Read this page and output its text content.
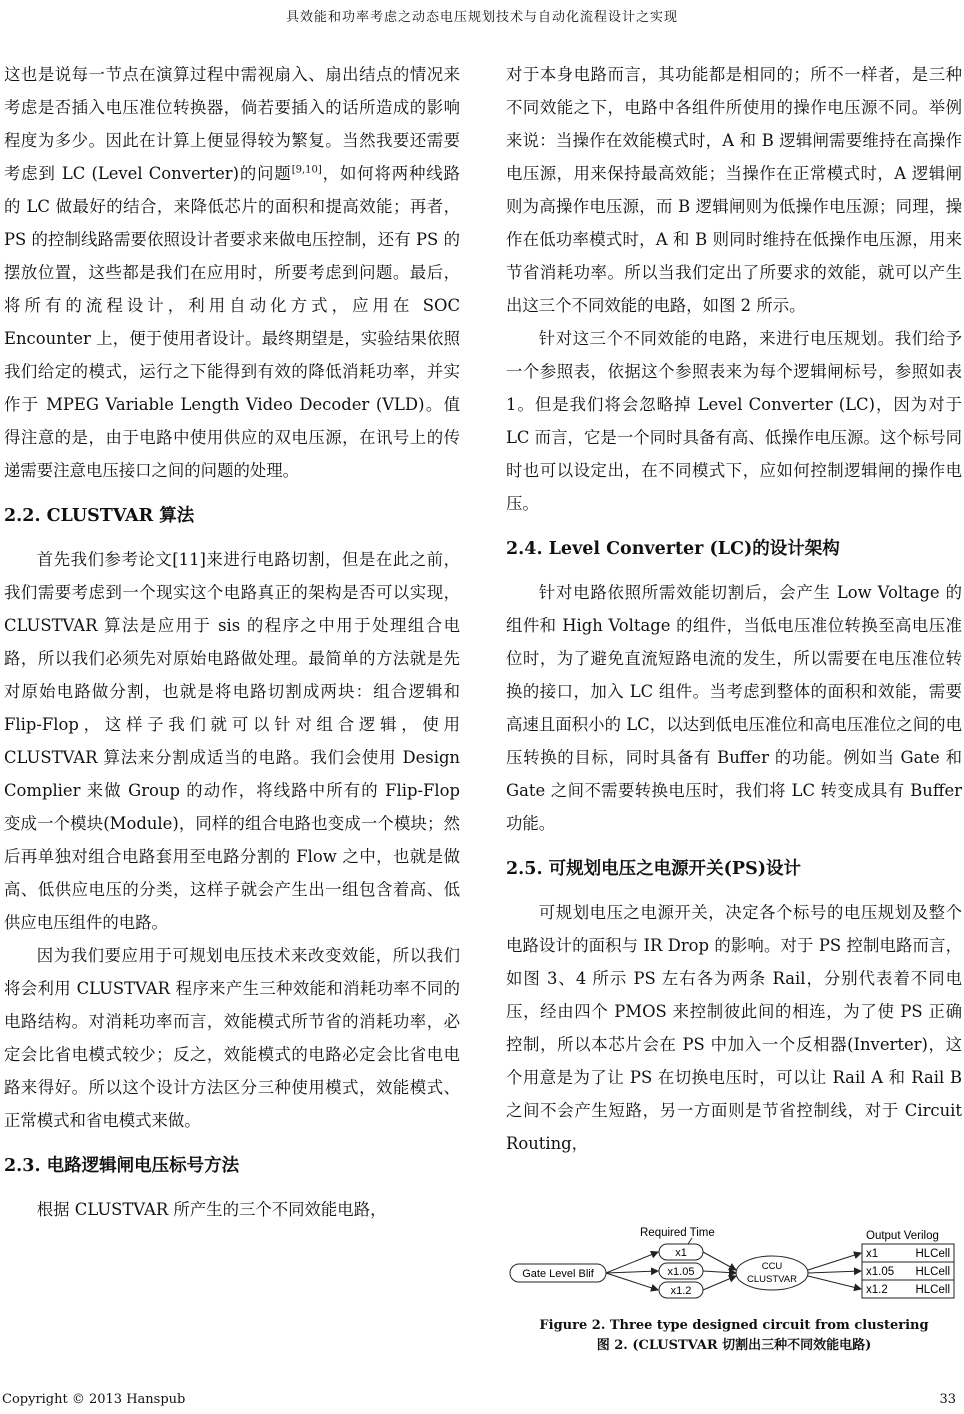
具效能和功率考虑之动态电压规划技术与自动化流程设计之实现

这也是说每一节点在演算过程中需视扇入、扇出结点的情况来考虑是否插入电压准位转换器，倘若要插入的话所造成的影响程度为多少。因此在计算上便显得较为繁复。当然我要还需要考虑到 LC (Level Converter)的问题[9,10]，如何将两种线路的 LC 做最好的结合，来降低芯片的面积和提高效能；再者，PS 的控制线路需要依照设计者要求来做电压控制，还有 PS 的摆放位置，这些都是我们在应用时，所要考虑到问题。最后，将所有的流程设计，利用自动化方式，应用在 SOC Encounter 上，便于使用者设计。最终期望是，实验结果依照我们给定的模式，运行之下能得到有效的降低消耗功率，并实作于 MPEG Variable Length Video Decoder (VLD)。值得注意的是，由于电路中使用供应的双电压源，在讯号上的传递需要注意电压接口之间的问题的处理。

2.2. CLUSTVAR 算法

首先我们参考论文[11]来进行电路切割，但是在此之前，我们需要考虑到一个现实这个电路真正的架构是否可以实现，CLUSTVAR 算法是应用于 sis 的程序之中用于处理组合电路，所以我们必须先对原始电路做处理。最简单的方法就是先对原始电路做分割，也就是将电路切割成两块：组合逻辑和 Flip-Flop，这样子我们就可以针对组合逻辑，使用 CLUSTVAR 算法来分割成适当的电路。我们会使用 Design Complier 来做 Group 的动作，将线路中所有的 Flip-Flop 变成一个模块(Module)，同样的组合电路也变成一个模块；然后再单独对组合电路套用至电路分割的 Flow 之中，也就是做高、低供应电压的分类，这样子就会产生出一组包含着高、低供应电压组件的电路。

因为我们要应用于可规划电压技术来改变效能，所以我们将会利用 CLUSTVAR 程序来产生三种效能和消耗功率不同的电路结构。对消耗功率而言，效能模式所节省的消耗功率，必定会比省电模式较少；反之，效能模式的电路必定会比省电电路来得好。所以这个设计方法区分三种使用模式，效能模式、正常模式和省电模式来做。

2.3. 电路逻辑闸电压标号方法

根据 CLUSTVAR 所产生的三个不同效能电路，

对于本身电路而言，其功能都是相同的；所不一样者，是三种不同效能之下，电路中各组件所使用的操作电压源不同。举例来说：当操作在效能模式时，A 和 B 逻辑闸需要维持在高操作电压源，用来保持最高效能；当操作在正常模式时，A 逻辑闸则为高操作电压源，而 B 逻辑闸则为低操作电压源；同理，操作在低功率模式时，A 和 B 则同时维持在低操作电压源，用来节省消耗功率。所以当我们定出了所要求的效能，就可以产生出这三个不同效能的电路，如图 2 所示。

针对这三个不同效能的电路，来进行电压规划。我们给予一个参照表，依据这个参照表来为每个逻辑闸标号，参照如表 1。但是我们将会忽略掉 Level Converter (LC)，因为对于 LC 而言，它是一个同时具备有高、低操作电压源。这个标号同时也可以设定出，在不同模式下，应如何控制逻辑闸的操作电压。

2.4. Level Converter (LC)的设计架构

针对电路依照所需效能切割后，会产生 Low Voltage 的组件和 High Voltage 的组件，当低电压准位转换至高电压准位时，为了避免直流短路电流的发生，所以需要在电压准位转换的接口，加入 LC 组件。当考虑到整体的面积和效能，需要高速且面积小的 LC，以达到低电压准位和高电压准位之间的电压转换的目标，同时具备有 Buffer 的功能。例如当 Gate 和 Gate 之间不需要转换电压时，我们将 LC 转变成具有 Buffer 功能。

2.5. 可规划电压之电源开关(PS)设计

可规划电压之电源开关，决定各个标号的电压规划及整个电路设计的面积与 IR Drop 的影响。对于 PS 控制电路而言，如图 3、4 所示 PS 左右各为两条 Rail，分别代表着不同电压，经由四个 PMOS 来控制彼此间的相连，为了使 PS 正确控制，所以本芯片会在 PS 中加入一个反相器(Inverter)，这个用意是为了让 PS 在切换电压时，可以让 Rail A 和 Rail B 之间不会产生短路，另一方面则是节省控制线，对于 Circuit Routing，

Required Time	Output Verilog
Gate Level Blif
x1
x1.05
x1.2
CCU
CLUSTVAR
x1	HLCell
x1.05 HLCell
x1.2 HLCell
Figure 2. Three type designed circuit from clustering
图 2. (CLUSTVAR 切割出三种不同效能电路)
Copyright © 2013 Hanspub	33
